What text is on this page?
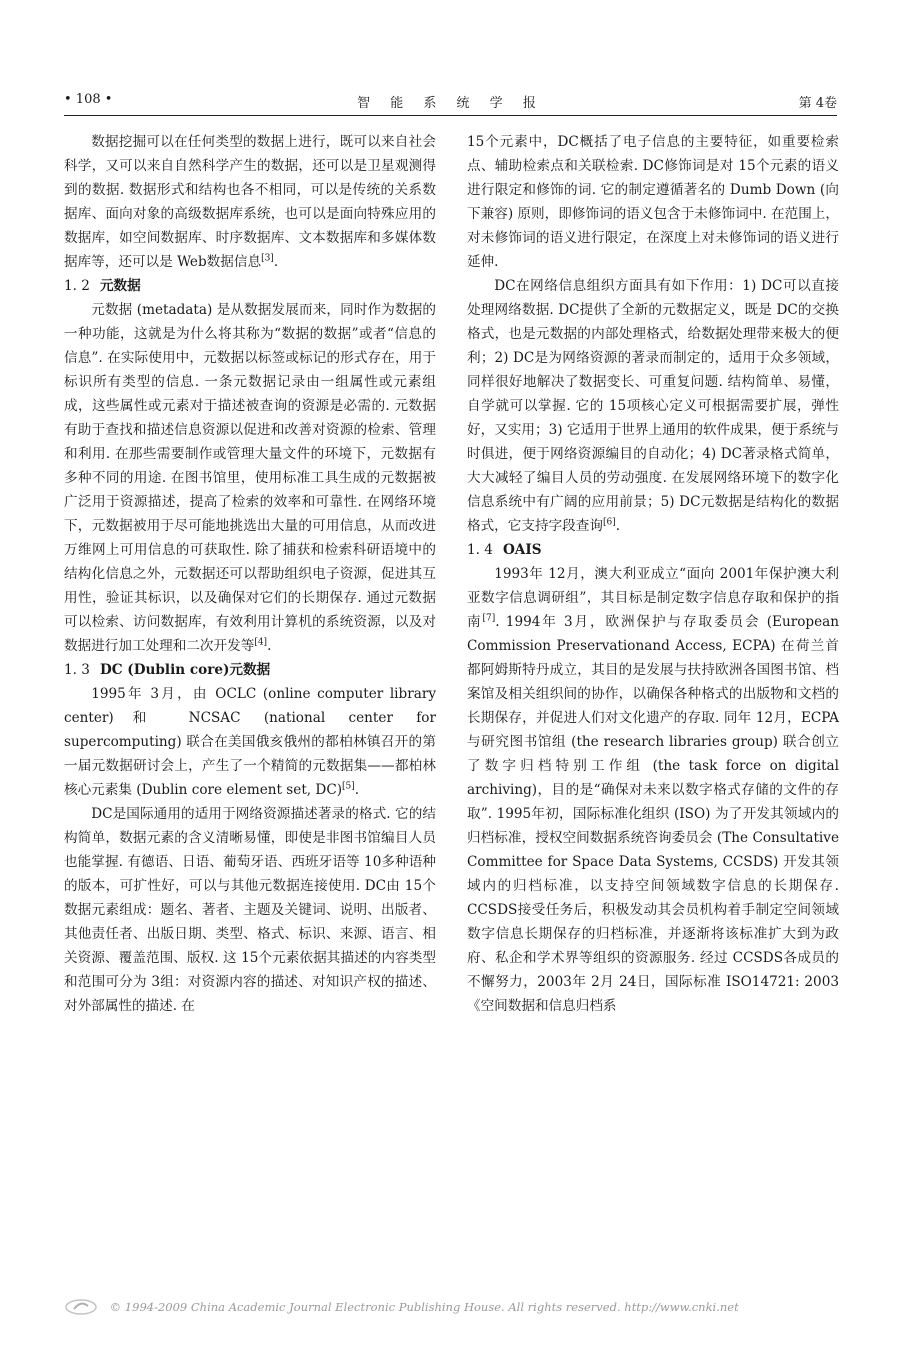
• 108 •	智 能 系 统 学 报	第 4卷

数据挖掘可以在任何类型的数据上进行，既可以来自社会科学，又可以来自自然科学产生的数据，还可以是卫星观测得到的数据. 数据形式和结构也各不相同，可以是传统的关系数据库、面向对象的高级数据库系统，也可以是面向特殊应用的数据库，如空间数据库、时序数据库、文本数据库和多媒体数据库等，还可以是 Web数据信息[3].

1. 2 元数据

元数据 (metadata) 是从数据发展而来，同时作为数据的一种功能，这就是为什么将其称为“数据的数据”或者“信息的信息”. 在实际使用中，元数据以标签或标记的形式存在，用于标识所有类型的信息. 一条元数据记录由一组属性或元素组成，这些属性或元素对于描述被查询的资源是必需的. 元数据有助于查找和描述信息资源以促进和改善对资源的检索、管理和利用. 在那些需要制作或管理大量文件的环境下，元数据有多种不同的用途. 在图书馆里，使用标准工具生成的元数据被广泛用于资源描述，提高了检索的效率和可靠性. 在网络环境下，元数据被用于尽可能地挑选出大量的可用信息，从而改进万维网上可用信息的可获取性. 除了捕获和检索科研语境中的结构化信息之外，元数据还可以帮助组织电子资源，促进其互用性，验证其标识，以及确保对它们的长期保存. 通过元数据可以检索、访问数据库，有效利用计算机的系统资源，以及对数据进行加工处理和二次开发等[4].

1. 3 DC (Dublin core)元数据

1995年 3月，由 OCLC (online computer library center)和 NCSAC (national center for supercomputing) 联合在美国俄亥俄州的都柏林镇召开的第一届元数据研讨会上，产生了一个精简的元数据集——都柏林核心元素集 (Dublin core element set, DC)[5].

DC是国际通用的适用于网络资源描述著录的格式. 它的结构简单，数据元素的含义清晰易懂，即使是非图书馆编目人员也能掌握. 有德语、日语、葡萄牙语、西班牙语等 10多种语种的版本，可扩性好，可以与其他元数据连接使用. DC由 15个数据元素组成：题名、著者、主题及关键词、说明、出版者、其他责任者、出版日期、类型、格式、标识、来源、语言、相关资源、覆盖范围、版权. 这 15个元素依据其描述的内容类型和范围可分为 3组：对资源内容的描述、对知识产权的描述、对外部属性的描述. 在

15个元素中，DC概括了电子信息的主要特征，如重要检索点、辅助检索点和关联检索. DC修饰词是对 15个元素的语义进行限定和修饰的词. 它的制定遵循著名的 Dumb Down (向下兼容) 原则，即修饰词的语义包含于未修饰词中. 在范围上，对未修饰词的语义进行限定，在深度上对未修饰词的语义进行延伸.

DC在网络信息组织方面具有如下作用：1) DC可以直接处理网络数据. DC提供了全新的元数据定义，既是 DC的交换格式，也是元数据的内部处理格式，给数据处理带来极大的便利；2) DC是为网络资源的著录而制定的，适用于众多领域，同样很好地解决了数据变长、可重复问题. 结构简单、易懂，自学就可以掌握. 它的 15项核心定义可根据需要扩展，弹性好，又实用；3) 它适用于世界上通用的软件成果，便于系统与时俱进，便于网络资源编目的自动化；4) DC著录格式简单，大大减轻了编目人员的劳动强度. 在发展网络环境下的数字化信息系统中有广阔的应用前景；5) DC元数据是结构化的数据格式，它支持字段查询[6].

1. 4 OAIS

1993年 12月，澳大利亚成立“面向 2001年保护澳大利亚数字信息调研组”，其目标是制定数字信息存取和保护的指南[7]. 1994年 3月，欧洲保护与存取委员会 (European Commission Preservationand Access, ECPA) 在荷兰首都阿姆斯特丹成立，其目的是发展与扶持欧洲各国图书馆、档案馆及相关组织间的协作，以确保各种格式的出版物和文档的长期保存，并促进人们对文化遗产的存取. 同年 12月，ECPA与研究图书馆组 (the research libraries group) 联合创立了数字归档特别工作组 (the task force on digital archiving)，目的是“确保对未来以数字格式存储的文件的存取”. 1995年初，国际标准化组织 (ISO) 为了开发其领域内的归档标准，授权空间数据系统咨询委员会 (The Consultative Committee for Space Data Systems, CCSDS) 开发其领域内的归档标准，以支持空间领域数字信息的长期保存. CCSDS接受任务后，积极发动其会员机构着手制定空间领域数字信息长期保存的归档标准，并逐渐将该标准扩大到为政府、私企和学术界等组织的资源服务. 经过 CCSDS各成员的不懈努力，2003年 2月 24日，国际标准 ISO14721: 2003《空间数据和信息归档系

© 1994-2009 China Academic Journal Electronic Publishing House. All rights reserved. http://www.cnki.net
